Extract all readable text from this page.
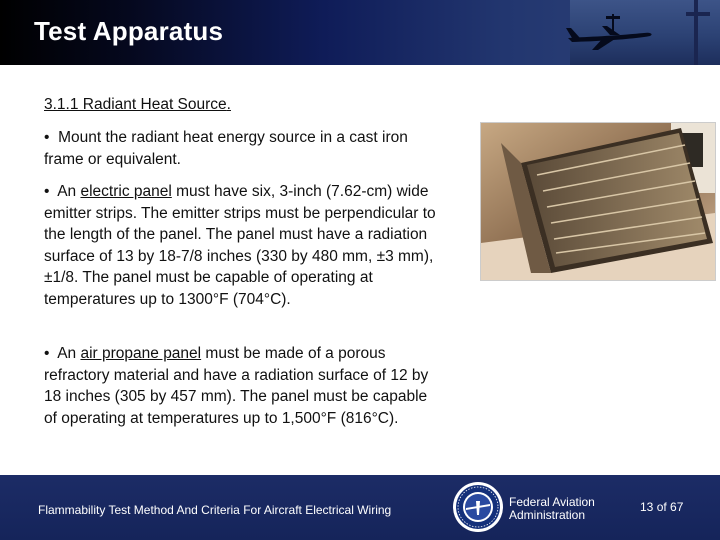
Test Apparatus
3.1.1 Radiant Heat Source.
• Mount the radiant heat energy source in a cast iron frame or equivalent.
• An electric panel must have six, 3-inch (7.62-cm) wide emitter strips. The emitter strips must be perpendicular to the length of the panel. The panel must have a radiation surface of 13 by 18-7/8 inches (330 by 480 mm, ±3 mm), ±1/8. The panel must be capable of operating at temperatures up to 1300°F (704°C).
• An air propane panel must be made of a porous refractory material and have a radiation surface of 12 by 18 inches (305 by 457 mm). The panel must be capable of operating at temperatures up to 1,500°F (816°C).
Flammability Test Method And Criteria For Aircraft Electrical Wiring
Federal Aviation
Administration
13 of 67
